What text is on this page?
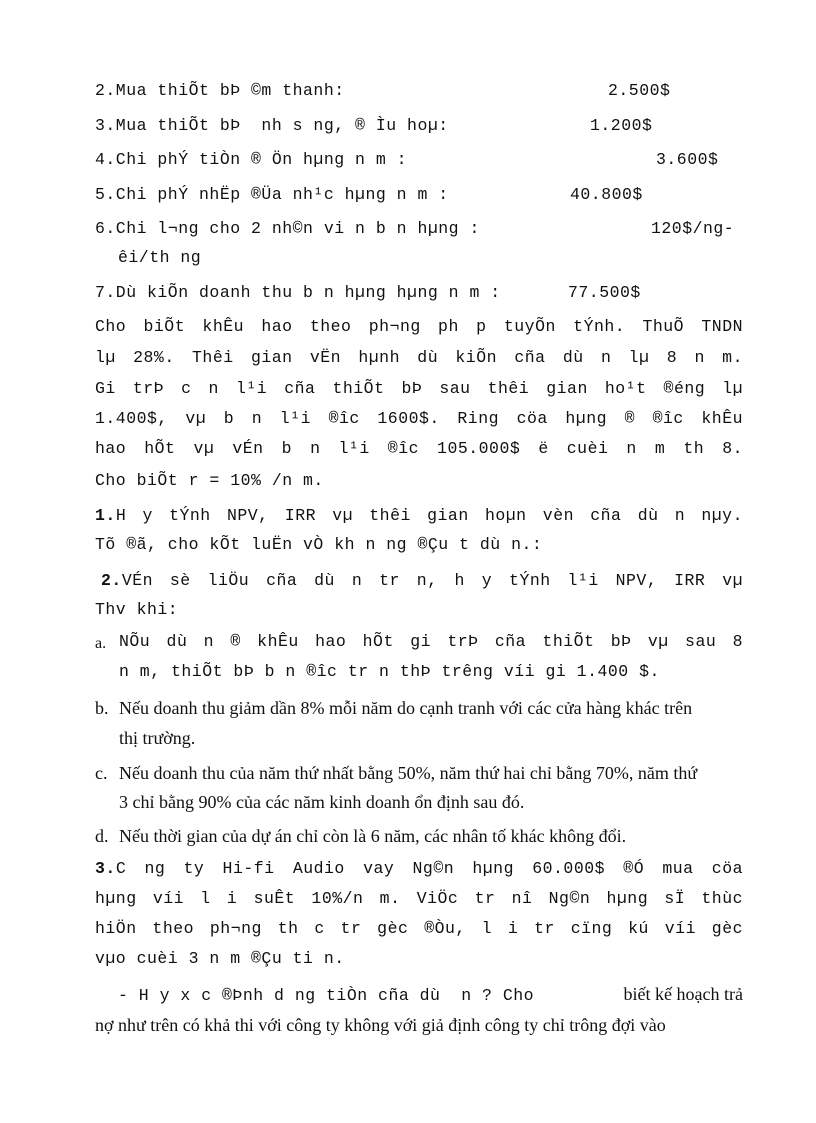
2.Mua thiÕt bÞ ©m thanh:	2.500$
3.Mua thiÕt bÞ  nh s ng, ® Ìu hoµ:	1.200$
4.Chi phÝ tiÒn ® Ön hµng n m :	3.600$
5.Chi phÝ nhËp ®Üa nh¹c hµng n m :	40.800$
6.Chi l¬ng cho 2 nh©n vi n b n hµng :	120$/ng-
êi/th ng
7.Dù kiÕn doanh thu b n hµng hµng n m :	77.500$
Cho biÕt khÊu hao theo ph¬ng ph p tuyÕn tÝnh. ThuÕ TNDN
lµ 28%. Thêi gian vËn hµnh dù kiÕn cña dù n lµ 8 n m.
Gi trÞ c n l¹i cña thiÕt bÞ sau thêi gian ho¹t ®éng lµ
1.400$, vµ b n l¹i ®îc 1600$. Ring cöa hµng ® ®îc khÊu
hao hÕt vµ vÉn b n l¹i ®îc 105.000$ ë cuèi n m th 8.
Cho biÕt r = 10% /n m.
1.H y tÝnh NPV, IRR vµ thêi gian hoµn vèn cña dù n nµy.
Tõ ®ã, cho kÕt luËn vÒ kh n ng ®Çu t dù n.:
2.VÉn sè liÖu cña dù n tr n, h y tÝnh l¹i NPV, IRR vµ
Thv khi:
a. NÕu dù n ® khÊu hao hÕt gi trÞ cña thiÕt bÞ vµ sau 8
n m, thiÕt bÞ b n ®îc tr n thÞ trêng víi gi 1.400 $.
b. Nếu doanh thu giảm dần 8% mỗi năm do cạnh tranh với các cửa hàng khác trên
thị trường.
c. Nếu doanh thu của năm thứ nhất bằng 50%, năm thứ hai chỉ bằng 70%, năm thứ
3 chỉ bằng 90% của các năm kinh doanh ổn định sau đó.
d. Nếu thời gian của dự án chỉ còn là 6 năm, các nhân tố khác không đổi.
3.C ng ty Hi-fi Audio vay Ng©n hµng 60.000$ ®Ó mua cöa
hµng víi l i suÊt 10%/n m. ViÖc tr nî Ng©n hµng sÏ thùc
hiÖn theo ph¬ng th c tr gèc ®Òu, l i tr cïng kú víi gèc
vµo cuèi 3 n m ®Çu ti n.
- H y x c ®Þnh d ng tiÒn cña dù  n ? Cho	biết kế hoạch trả
nợ như trên có khả thi với công ty không với giả định công ty chỉ trông đợi vào
